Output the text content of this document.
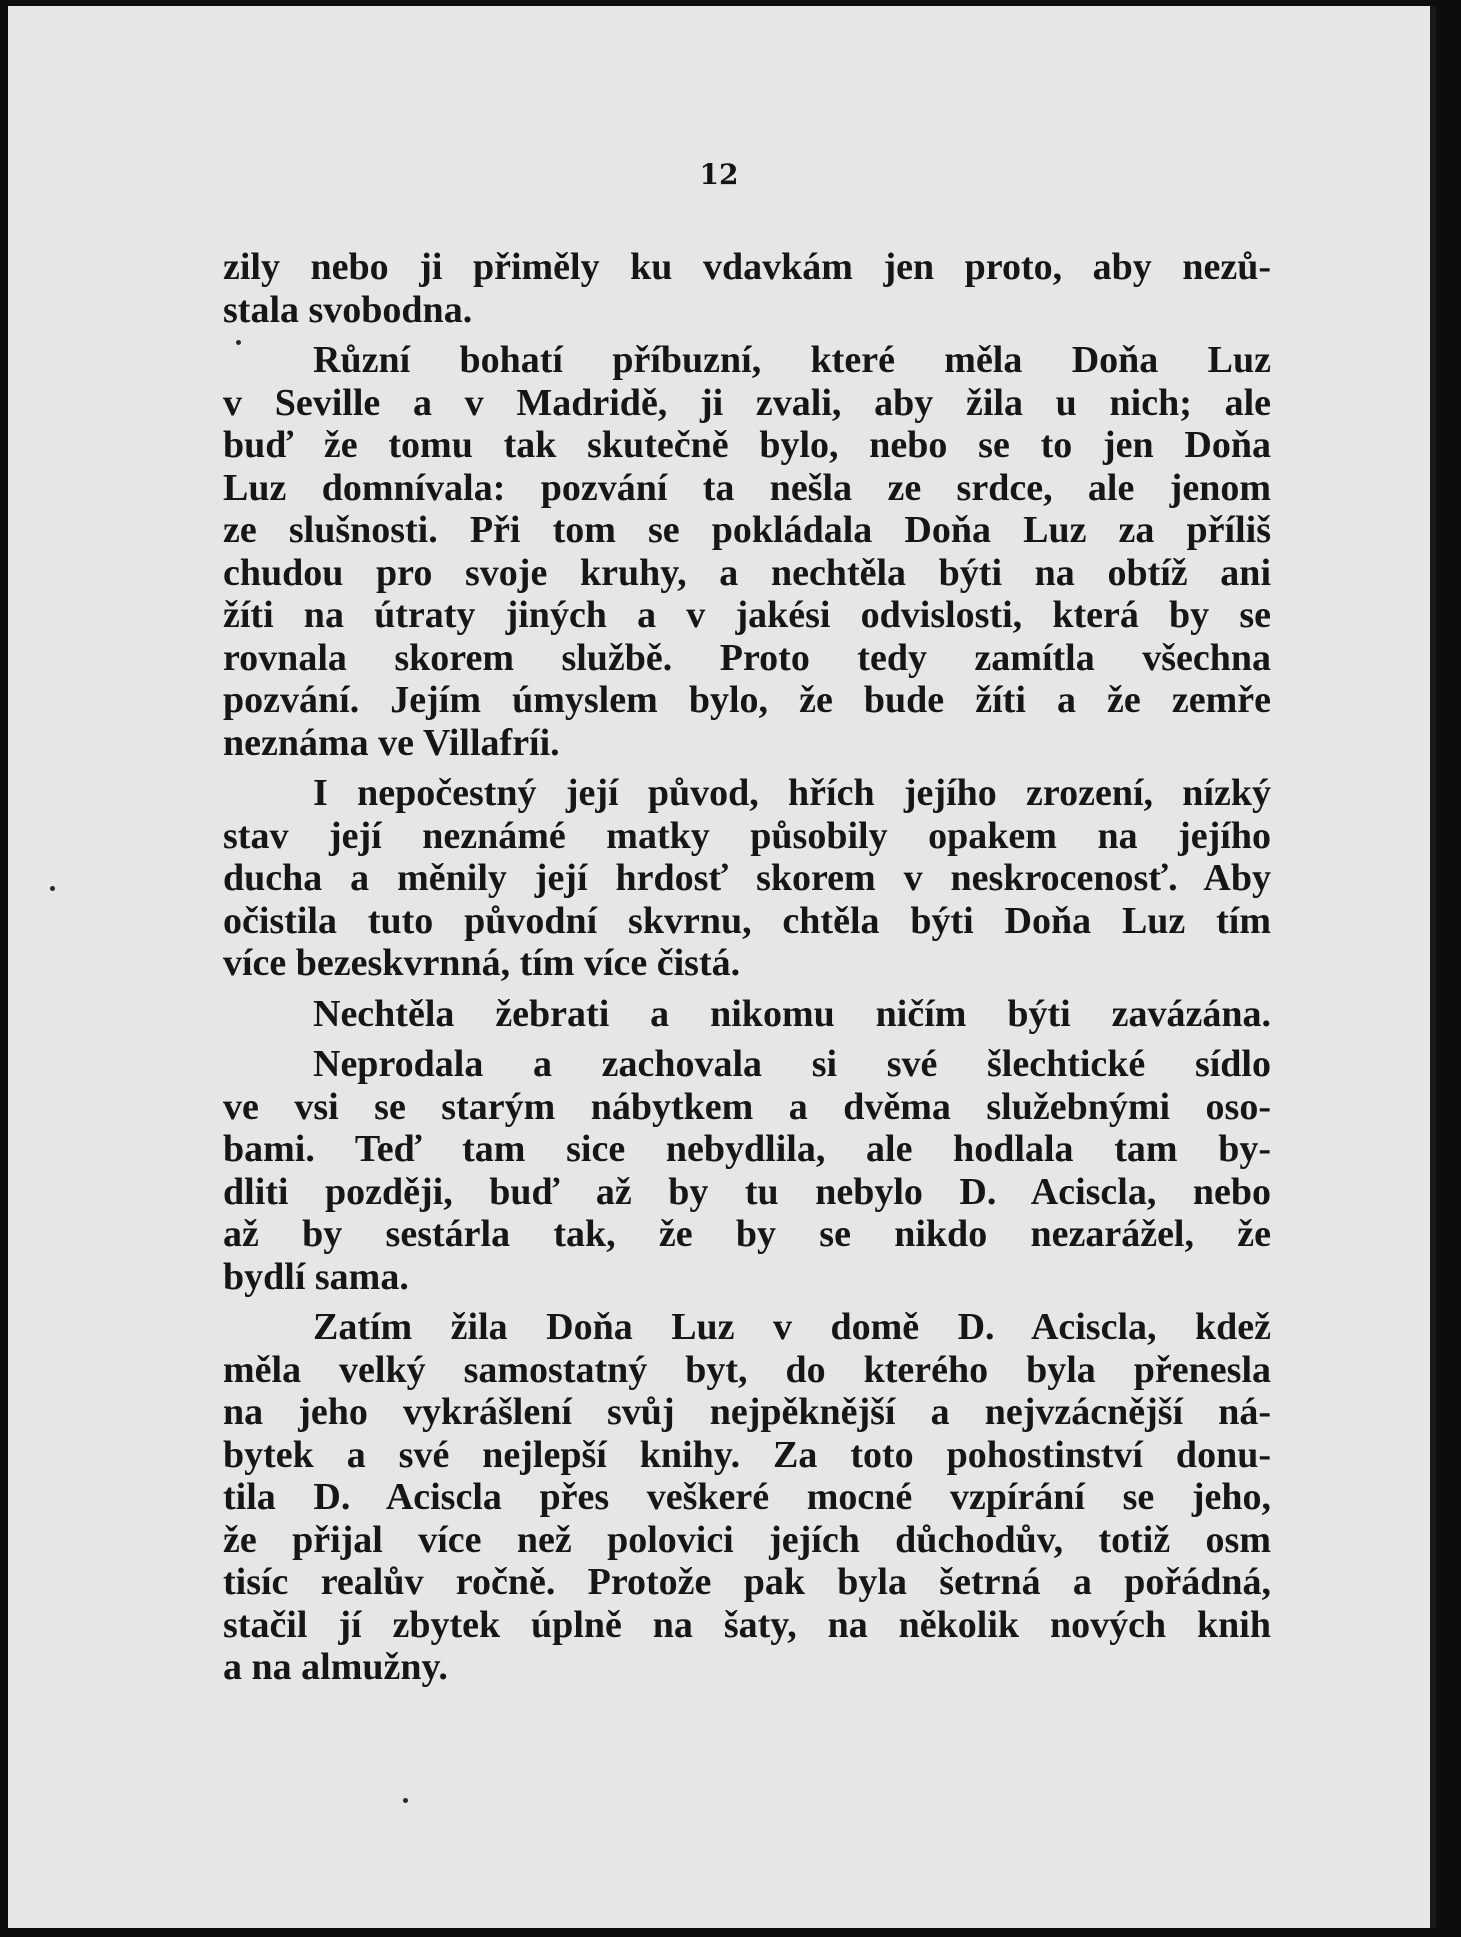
12
zily nebo ji přiměly ku vdavkám jen proto, aby nezů-
stala svobodna.
Různí bohatí příbuzní, které měla Doňa Luz
v Seville a v Madridě, ji zvali, aby žila u nich; ale
buď že tomu tak skutečně bylo, nebo se to jen Doňa
Luz domnívala: pozvání ta nešla ze srdce, ale jenom
ze slušnosti. Při tom se pokládala Doňa Luz za příliš
chudou pro svoje kruhy, a nechtěla býti na obtíž ani
žíti na útraty jiných a v jakési odvislosti, která by se
rovnala skorem službě. Proto tedy zamítla všechna
pozvání. Jejím úmyslem bylo, že bude žíti a že zemře
neznáma ve Villafríi.
I nepočestný její původ, hřích jejího zrození, nízký
stav její neznámé matky působily opakem na jejího
ducha a měnily její hrdosť skorem v neskrocenosť. Aby
očistila tuto původní skvrnu, chtěla býti Doňa Luz tím
více bezeskvrnná, tím více čistá.
Nechtěla žebrati a nikomu ničím býti zavázána.
Neprodala a zachovala si své šlechtické sídlo
ve vsi se starým nábytkem a dvěma služebnými oso-
bami. Teď tam sice nebydlila, ale hodlala tam by-
dliti později, buď až by tu nebylo D. Aciscla, nebo
až by sestárla tak, že by se nikdo nezarážel, že
bydlí sama.
Zatím žila Doňa Luz v domě D. Aciscla, kdež
měla velký samostatný byt, do kterého byla přenesla
na jeho vykrášlení svůj nejpěknější a nejvzácnější ná-
bytek a své nejlepší knihy. Za toto pohostinství donu-
tila D. Aciscla přes veškeré mocné vzpírání se jeho,
že přijal více než polovici jejích důchodův, totiž osm
tisíc realův ročně. Protože pak byla šetrná a pořádná,
stačil jí zbytek úplně na šaty, na několik nových knih
a na almužny.
